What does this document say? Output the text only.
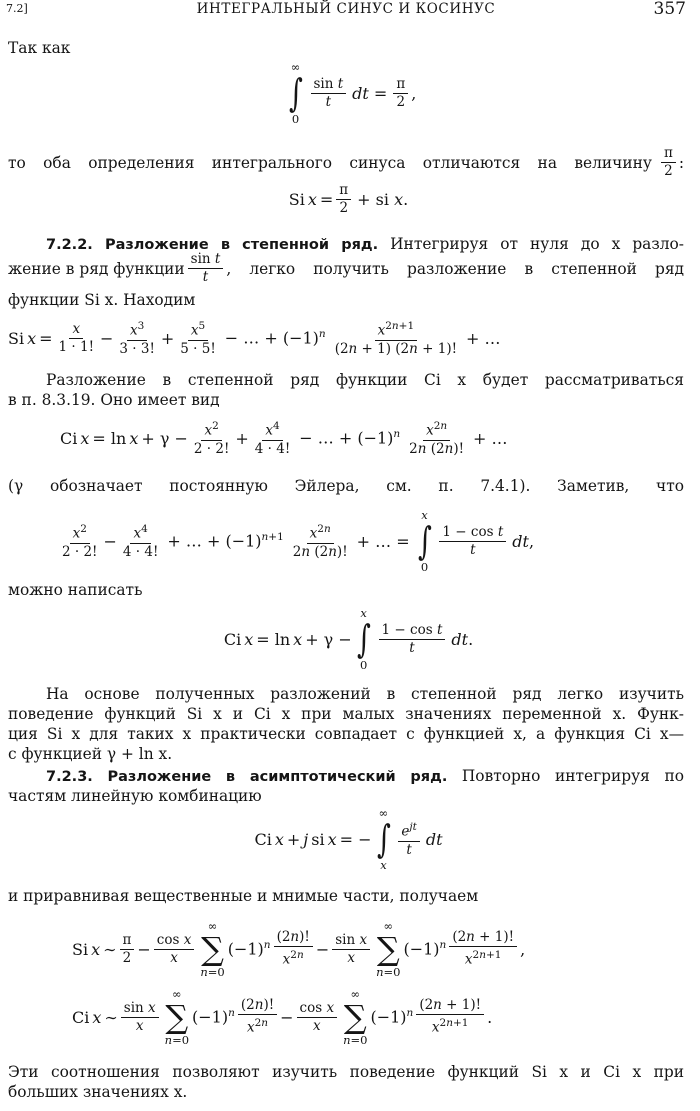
7.2]	ИНТЕГРАЛЬНЫЙ СИНУС И КОСИНУС	357

Так как

∞
∫
0
$\frac{\text{sin t}}{t}$ dt = $\frac{\pi}{2}$ ,
то оба определения интегрального синуса отличаются на величину $\frac{\pi}{2}$ :
Si $x = \frac{\pi}{2}$ + si x.

7.2.2. Разложение в степенной ряд. Интегрируя от нуля до x разло-

жение в ряд функции $\frac{\text{sin t}}{t}$ , легко получить разложение в степенной ряд

функции Si x. Находим

Si $x = \frac{x}{1 \cdot 1!} - \frac{x^3}{3 \cdot 3!} + \frac{x^5}{5 \cdot 5!}$ − … + $(-1)^n \frac{x^{2n+1}}{(2n + 1) (2n + 1)!}$ + …

Разложение в степенной ряд функции Ci x будет рассматриваться

в п. 8.3.19. Оно имеет вид

Ci $x = \ln x + \gamma - \frac{x^2}{2 \cdot 2!} + \frac{x^4}{4 \cdot 4!}$ − … + $(-1)^n \frac{x^{2n}}{2n (2n)!}$ + …

(γ обозначает постоянную Эйлера, см. п. 7.4.1). Заметив, что

$\frac{x^2}{2 \cdot 2!} - \frac{x^4}{4 \cdot 4!}$ + … + $(-1)^{n+1} \frac{x^{2n}}{2n (2n)!}$ + … =
x
∫
0
$\frac{\text{1 − cos t}}{t}$ dt,

можно написать

Ci x = ln x + γ −
x
∫
0
$\frac{\text{1 − cos t}}{t}$ dt.

На основе полученных разложений в степенной ряд легко изучить

поведение функций Si x и Ci x при малых значениях переменной x. Функ-

ция Si x для таких x практически совпадает с функцией x, а функция Ci x—

с функцией γ + ln x.

7.2.3. Разложение в асимптотический ряд. Повторно интегрируя по

частям линейную комбинацию

Ci x + j si x = −
∞
∫
x
$\frac{e^{jt}}{t}$ dt

и приравнивая вещественные и мнимые части, получаем

Si x ∼ $\frac{\pi}{2} - \frac{\text{cos x}}{x}$
∞
∑
n=0
$(-1)^n \frac{(2n)!}{x^{2n}} - \frac{\text{sin x}}{x}$
∞
∑
n=0
$(-1)^n \frac{(2n + 1)!}{x^{2n+1}}$ ,
Ci x ∼ $\frac{\text{sin x}}{x}$
∞
∑
n=0
$(-1)^n \frac{(2n)!}{x^{2n}} - \frac{\text{cos x}}{x}$
∞
∑
n=0
$(-1)^n \frac{(2n + 1)!}{x^{2n+1}}$ .

Эти соотношения позволяют изучить поведение функций Si x и Ci x при

больших значениях x.
